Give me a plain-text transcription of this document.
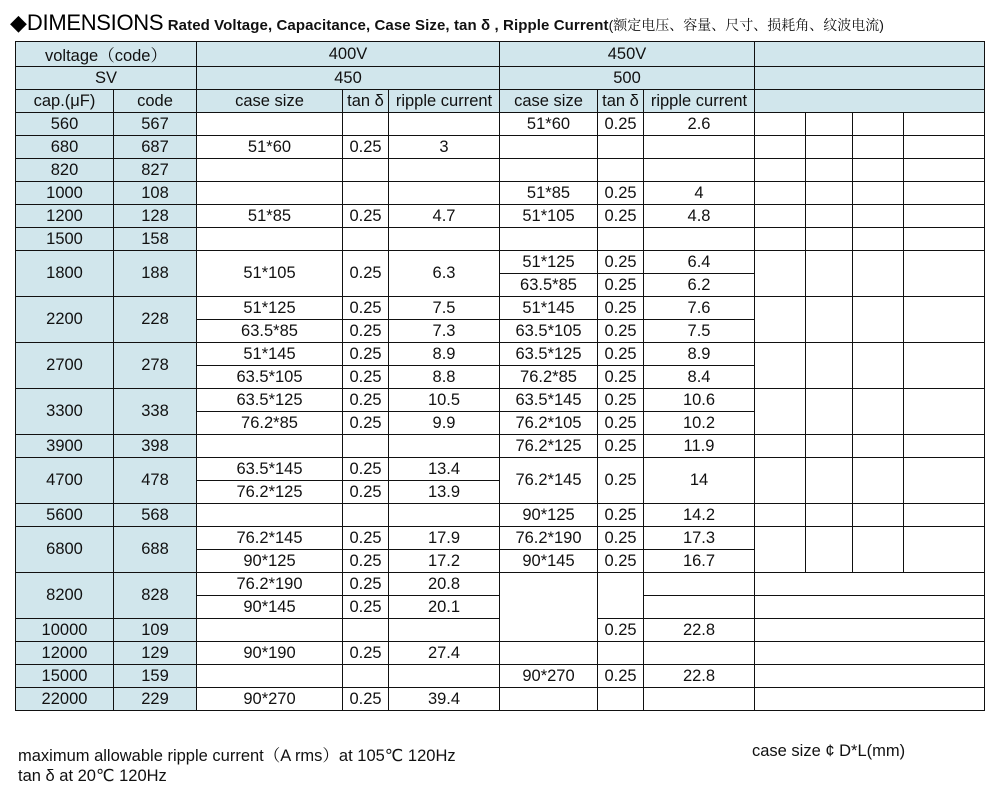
◆DIMENSIONS Rated Voltage, Capacitance, Case Size, tan δ , Ripple Current(额定电压、容量、尺寸、损耗角、纹波电流)
voltage（code）		400V			450V						
SV		450			500						
cap.(μF)	code	case size	tan δ	ripple current	case size	tan δ	ripple current				
560	567				51*60	0.25	2.6				
680	687	51*60	0.25	3							
820	827										
1000	108				51*85	0.25	4				
1200	128	51*85	0.25	4.7	51*105	0.25	4.8				
1500	158										
1800	188	51*105	0.25	6.3	51*125	0.25	6.4				
					63.5*85	0.25	6.2				
2200	228	51*125	0.25	7.5	51*145	0.25	7.6				
		63.5*85	0.25	7.3	63.5*105	0.25	7.5				
2700	278	51*145	0.25	8.9	63.5*125	0.25	8.9				
		63.5*105	0.25	8.8	76.2*85	0.25	8.4				
3300	338	63.5*125	0.25	10.5	63.5*145	0.25	10.6				
		76.2*85	0.25	9.9	76.2*105	0.25	10.2				
3900	398				76.2*125	0.25	11.9				
4700	478	63.5*145	0.25	13.4	76.2*145	0.25	14				
		76.2*125	0.25	13.9							
5600	568				90*125	0.25	14.2				
6800	688	76.2*145	0.25	17.9	76.2*190	0.25	17.3				
		90*125	0.25	17.2	90*145	0.25	16.7				
8200	828	76.2*190	0.25	20.8							
		90*145	0.25	20.1							
10000	109					0.25	22.8				
12000	129	90*190	0.25	27.4							
15000	159				90*270	0.25	22.8				
22000	229	90*270	0.25	39.4							
maximum allowable ripple current（A rms）at 105℃ 120Hz	case size ¢ D*L(mm)
tan δ at 20℃ 120Hz
